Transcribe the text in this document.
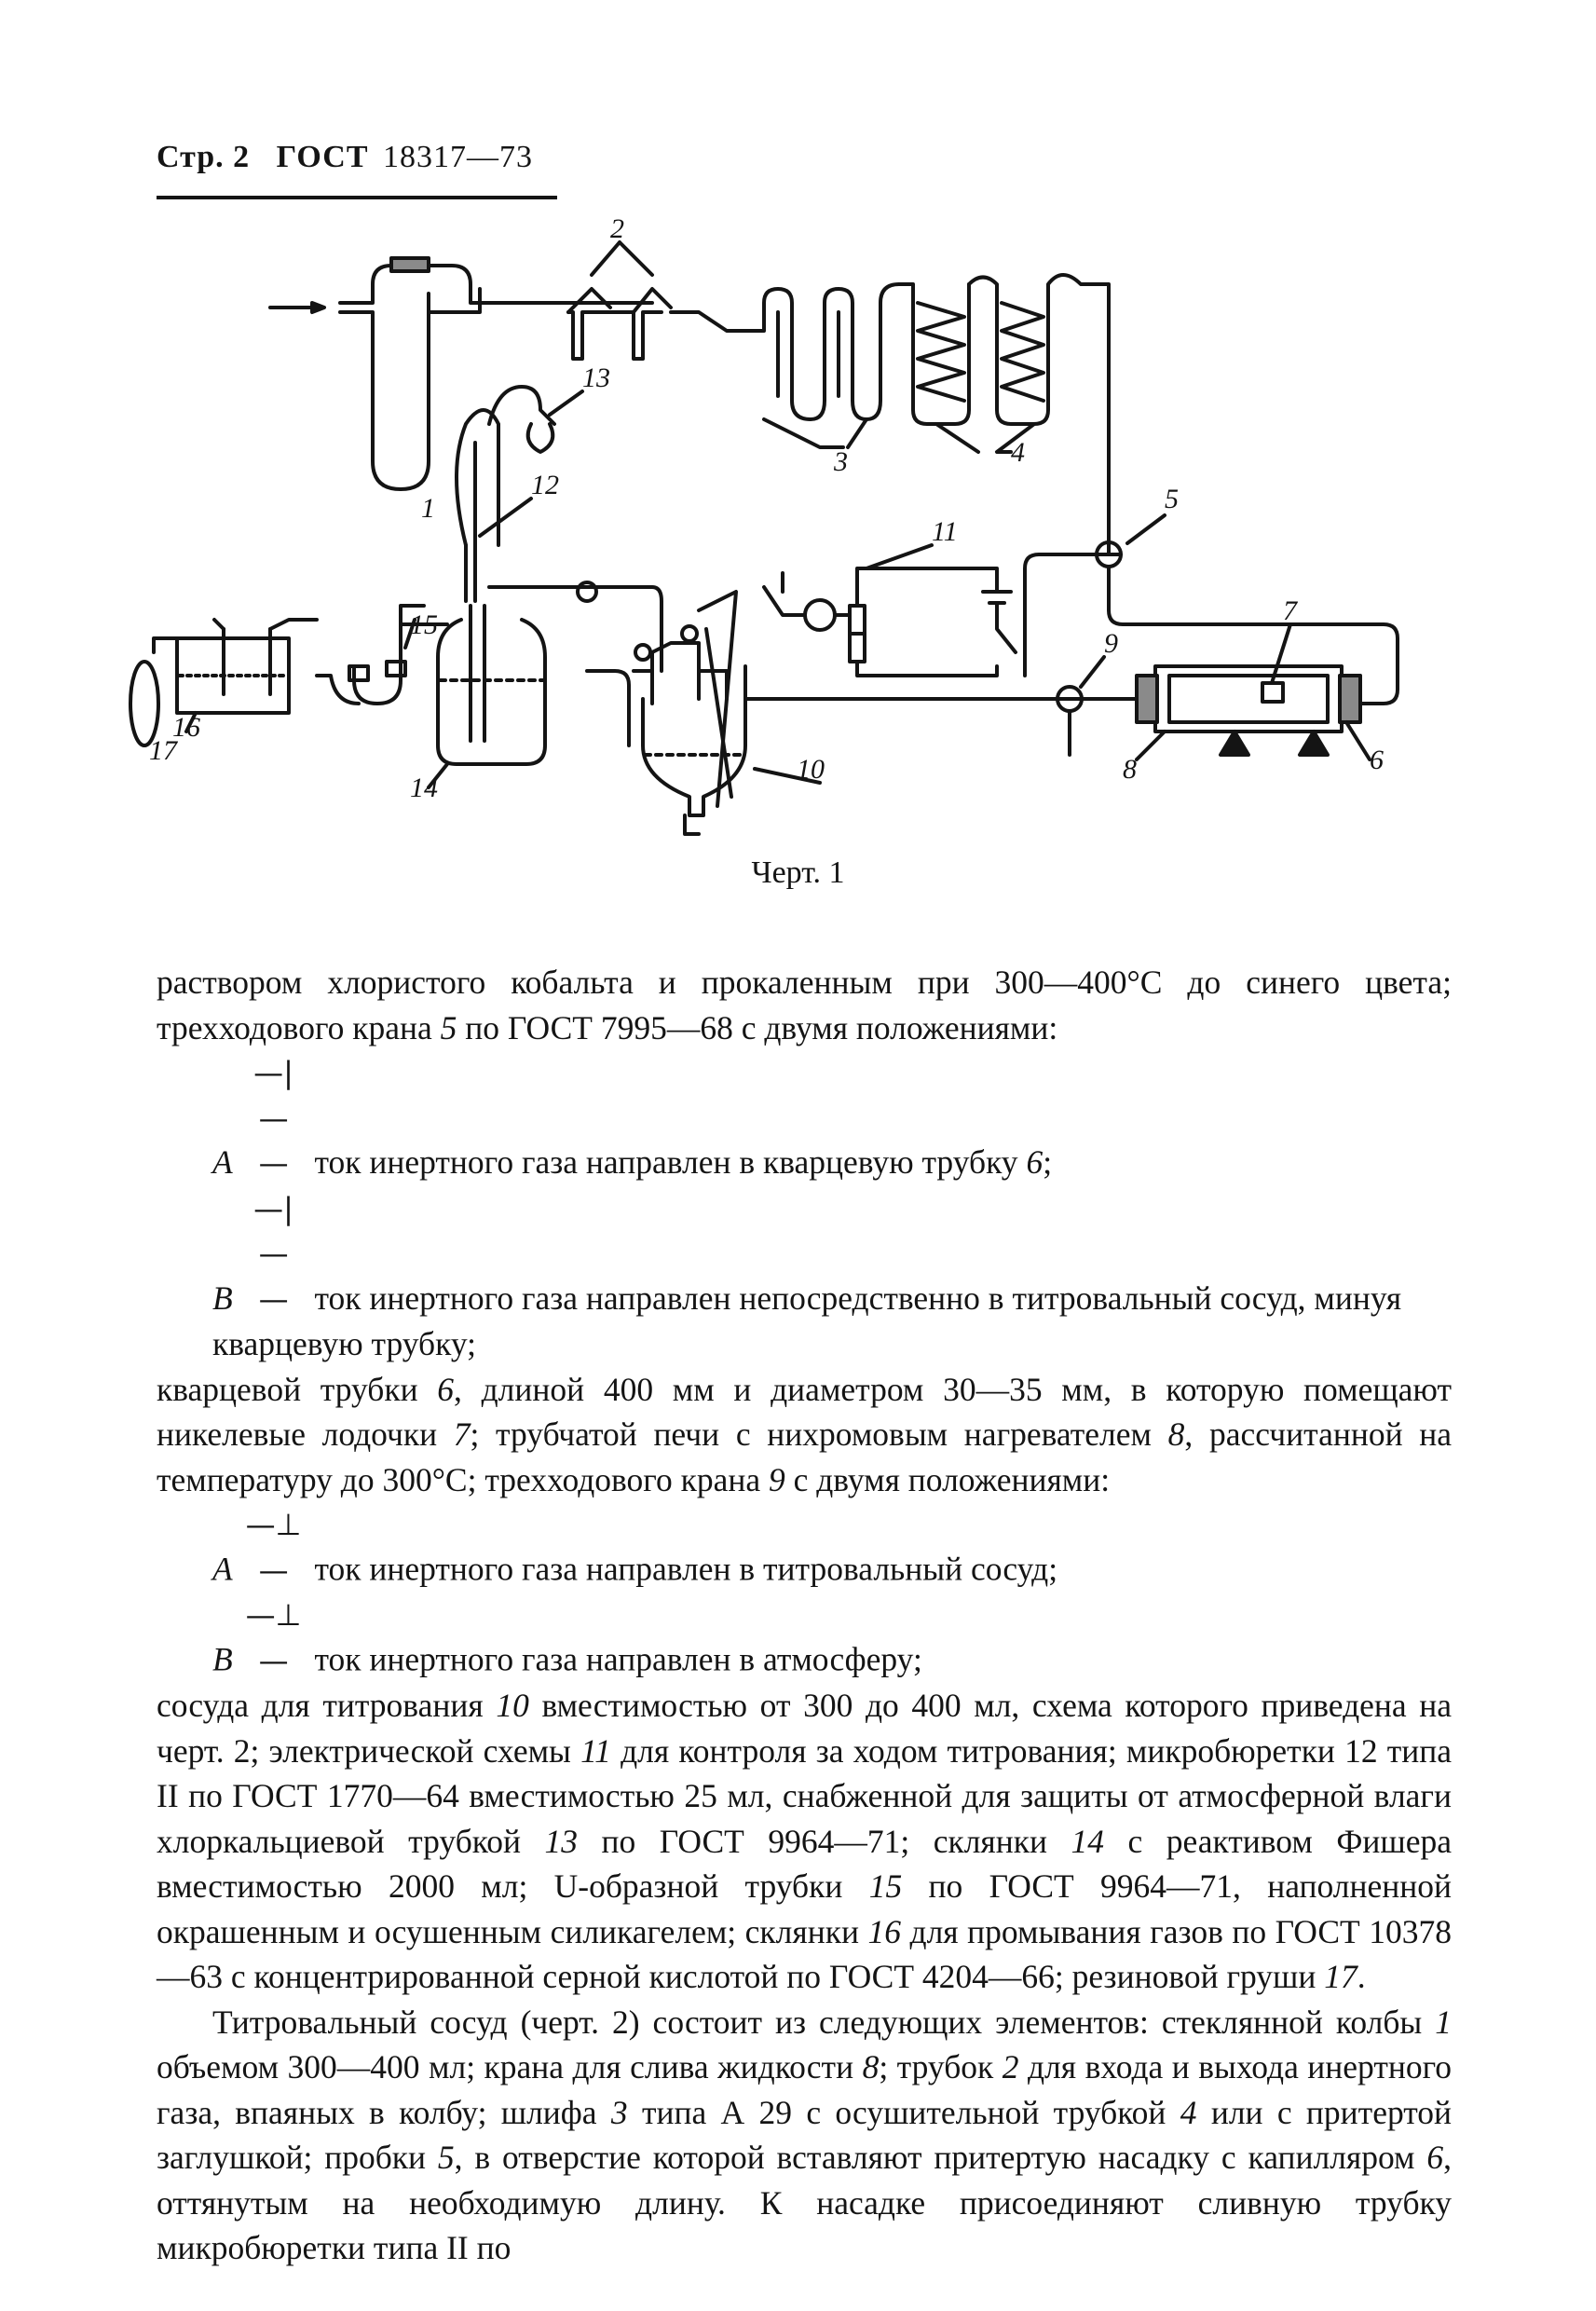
Стр. 2 ГОСТ 18317—73
1
2
3	4
5
6
7
8
9
10
11
12
13
14
15
16
17
Черт. 1

раствором хлористого кобальта и прокаленным при 300—400°С до синего цвета; трехходового крана 5 по ГОСТ 7995—68 с двумя положениями:

А —|— — ток инертного газа направлен в кварцевую трубку 6;

В —|— — ток инертного газа направлен непосредственно в титровальный сосуд, минуя кварцевую трубку;

кварцевой трубки 6, длиной 400 мм и диаметром 30—35 мм, в которую помещают никелевые лодочки 7; трубчатой печи с нихромовым нагревателем 8, рассчитанной на температуру до 300°С; трехходового крана 9 с двумя положениями:

А —⊥— ток инертного газа направлен в титровальный сосуд;

В —⊥— ток инертного газа направлен в атмосферу;

сосуда для титрования 10 вместимостью от 300 до 400 мл, схема которого приведена на черт. 2; электрической схемы 11 для контроля за ходом титрования; микробюретки 12 типа II по ГОСТ 1770—64 вместимостью 25 мл, снабженной для защиты от атмосферной влаги хлоркальциевой трубкой 13 по ГОСТ 9964—71; склянки 14 с реактивом Фишера вместимостью 2000 мл; U-образной трубки 15 по ГОСТ 9964—71, наполненной окрашенным и осушенным силикагелем; склянки 16 для промывания газов по ГОСТ 10378—63 с концентрированной серной кислотой по ГОСТ 4204—66; резиновой груши 17.

Титровальный сосуд (черт. 2) состоит из следующих элементов: стеклянной колбы 1 объемом 300—400 мл; крана для слива жидкости 8; трубок 2 для входа и выхода инертного газа, впаяных в колбу; шлифа 3 типа А 29 с осушительной трубкой 4 или с притертой заглушкой; пробки 5, в отверстие которой вставляют притертую насадку с капилляром 6, оттянутым на необходимую длину. К насадке присоединяют сливную трубку микробюретки типа II по
